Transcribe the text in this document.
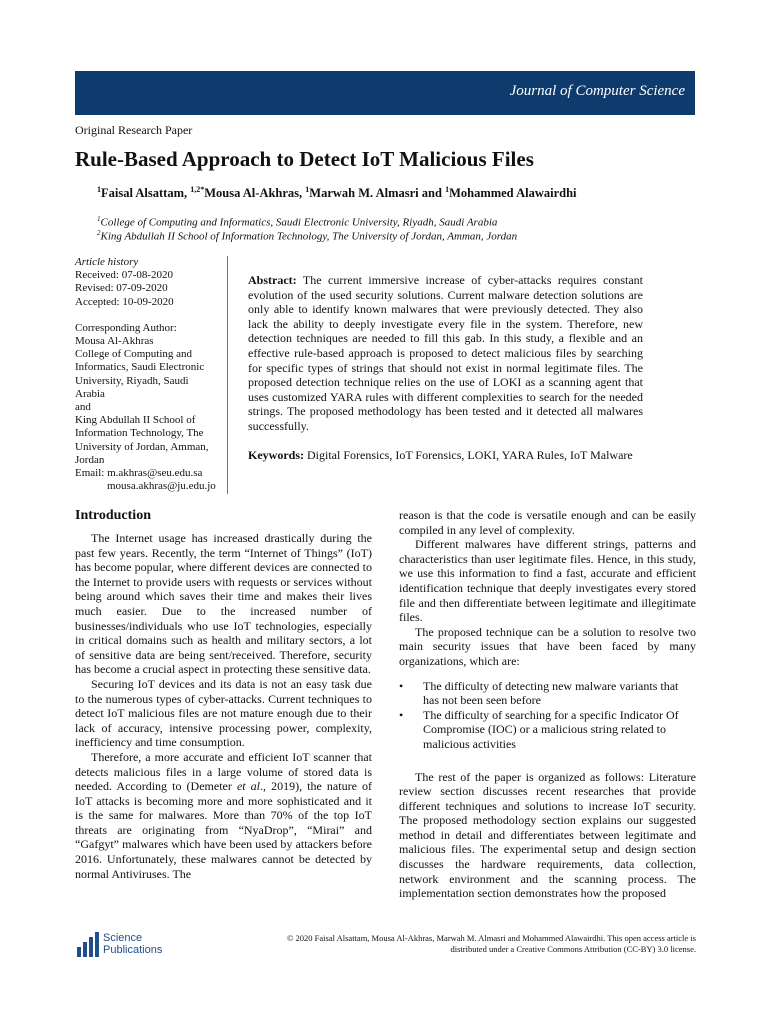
Journal of Computer Science
Original Research Paper
Rule-Based Approach to Detect IoT Malicious Files
$^1$Faisal Alsattam, $^{1,2*}$Mousa Al-Akhras, $^1$Marwah M. Almasri and $^1$Mohammed Alawairdhi
$^1$College of Computing and Informatics, Saudi Electronic University, Riyadh, Saudi Arabia
$^2$King Abdullah II School of Information Technology, The University of Jordan, Amman, Jordan
Article history
Received: 07-08-2020
Revised: 07-09-2020
Accepted: 10-09-2020
Corresponding Author:
Mousa Al-Akhras
College of Computing and
Informatics, Saudi Electronic
University, Riyadh, Saudi
Arabia
and
King Abdullah II School of
Information Technology, The
University of Jordan, Amman,
Jordan
Email: m.akhras@seu.edu.sa
mousa.akhras@ju.edu.jo
Abstract: The current immersive increase of cyber-attacks requires constant evolution of the used security solutions. Current malware detection solutions are only able to identify known malwares that were previously detected. They also lack the ability to deeply investigate every file in the system. Therefore, new detection techniques are needed to fill this gab. In this study, a flexible and an effective rule-based approach is proposed to detect malicious files by searching for specific types of strings that should not exist in normal legitimate files. The proposed detection technique relies on the use of LOKI as a scanning agent that uses customized YARA rules with different complexities to search for the needed strings. The proposed methodology has been tested and it detected all malwares successfully.
Keywords: Digital Forensics, IoT Forensics, LOKI, YARA Rules, IoT Malware
Introduction

The Internet usage has increased drastically during the past few years. Recently, the term “Internet of Things” (IoT) has become popular, where different devices are connected to the Internet to provide users with requests or services without being around which saves their time and makes their lives much easier. Due to the increased number of businesses/individuals who use IoT technologies, especially in critical domains such as health and military sectors, a lot of sensitive data are being sent/received. Therefore, security has become a crucial aspect in protecting these sensitive data.

Securing IoT devices and its data is not an easy task due to the numerous types of cyber-attacks. Current techniques to detect IoT malicious files are not mature enough due to their lack of accuracy, intensive processing power, complexity, inefficiency and time consumption.

Therefore, a more accurate and efficient IoT scanner that detects malicious files in a large volume of stored data is needed. According to (Demeter et al., 2019), the nature of IoT attacks is becoming more and more sophisticated and it is the same for malwares. More than 70% of the top IoT threats are originating from “NyaDrop”, “Mirai” and “Gafgyt” malwares which have been used by attackers before 2016. Unfortunately, these malwares cannot be detected by normal Antiviruses. The

reason is that the code is versatile enough and can be easily compiled in any level of complexity.

Different malwares have different strings, patterns and characteristics than user legitimate files. Hence, in this study, we use this information to find a fast, accurate and efficient identification technique that deeply investigates every stored file and then differentiate between legitimate and illegitimate files.

The proposed technique can be a solution to resolve two main security issues that have been faced by many organizations, which are:

• The difficulty of detecting new malware variants that has not been seen before
• The difficulty of searching for a specific Indicator Of Compromise (IOC) or a malicious string related to malicious activities

The rest of the paper is organized as follows: Literature review section discusses recent researches that provide different techniques and solutions to increase IoT security. The proposed methodology section explains our suggested method in detail and differentiates between legitimate and malicious files. The experimental setup and design section discusses the hardware requirements, data collection, network environment and the scanning process. The implementation section demonstrates how the proposed

Science
Publications
© 2020 Faisal Alsattam, Mousa Al-Akhras, Marwah M. Almasri and Mohammed Alawairdhi. This open access article is
distributed under a Creative Commons Attribution (CC-BY) 3.0 license.
